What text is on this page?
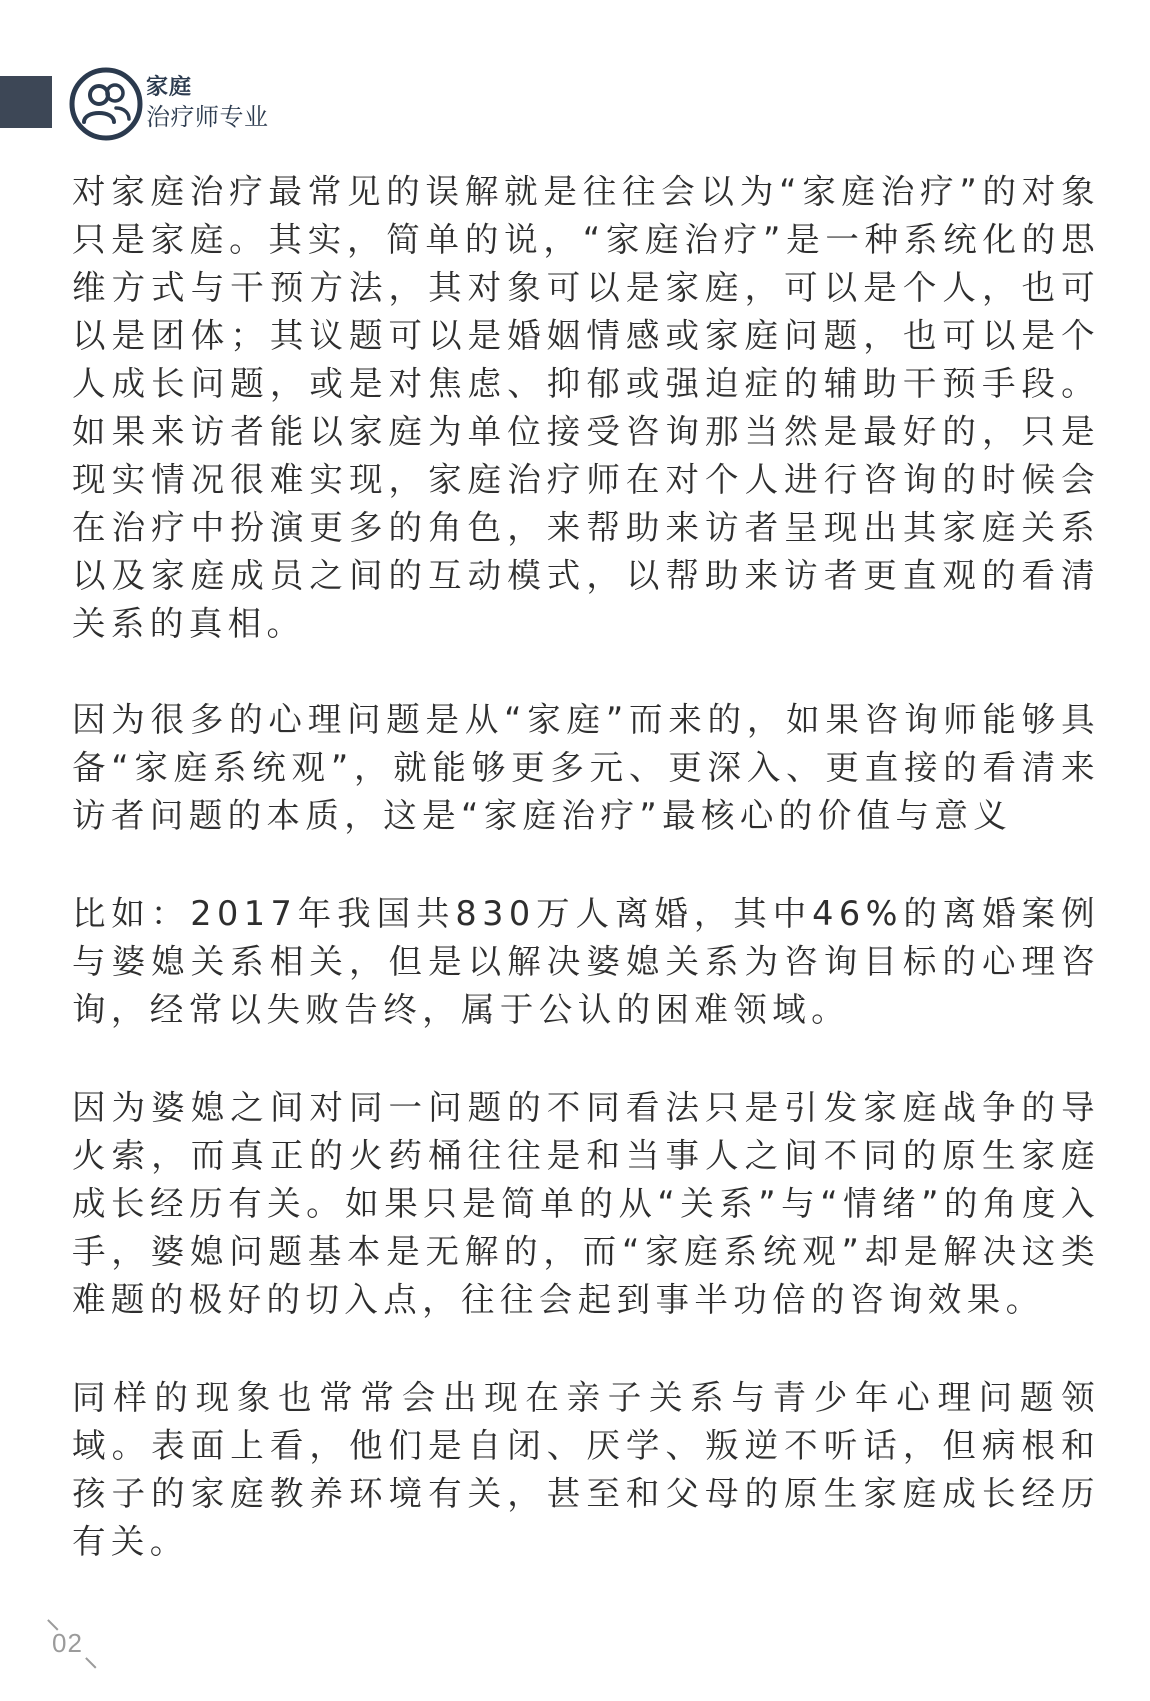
家庭
治疗师专业

对家庭治疗最常见的误解就是往往会以为“家庭治疗”的对象只是家庭。其实，简单的说，“家庭治疗”是一种系统化的思维方式与干预方法，其对象可以是家庭，可以是个人，也可以是团体；其议题可以是婚姻情感或家庭问题，也可以是个人成长问题，或是对焦虑、抑郁或强迫症的辅助干预手段。如果来访者能以家庭为单位接受咨询那当然是最好的，只是现实情况很难实现，家庭治疗师在对个人进行咨询的时候会在治疗中扮演更多的角色，来帮助来访者呈现出其家庭关系以及家庭成员之间的互动模式，以帮助来访者更直观的看清关系的真相。

因为很多的心理问题是从“家庭”而来的，如果咨询师能够具备“家庭系统观”，就能够更多元、更深入、更直接的看清来访者问题的本质，这是“家庭治疗”最核心的价值与意义

比如：2017年我国共830万人离婚，其中46%的离婚案例与婆媳关系相关，但是以解决婆媳关系为咨询目标的心理咨询，经常以失败告终，属于公认的困难领域。

因为婆媳之间对同一问题的不同看法只是引发家庭战争的导火索，而真正的火药桶往往是和当事人之间不同的原生家庭成长经历有关。如果只是简单的从“关系”与“情绪”的角度入手，婆媳问题基本是无解的，而“家庭系统观”却是解决这类难题的极好的切入点，往往会起到事半功倍的咨询效果。

同样的现象也常常会出现在亲子关系与青少年心理问题领域。表面上看，他们是自闭、厌学、叛逆不听话，但病根和孩子的家庭教养环境有关，甚至和父母的原生家庭成长经历有关。

02
